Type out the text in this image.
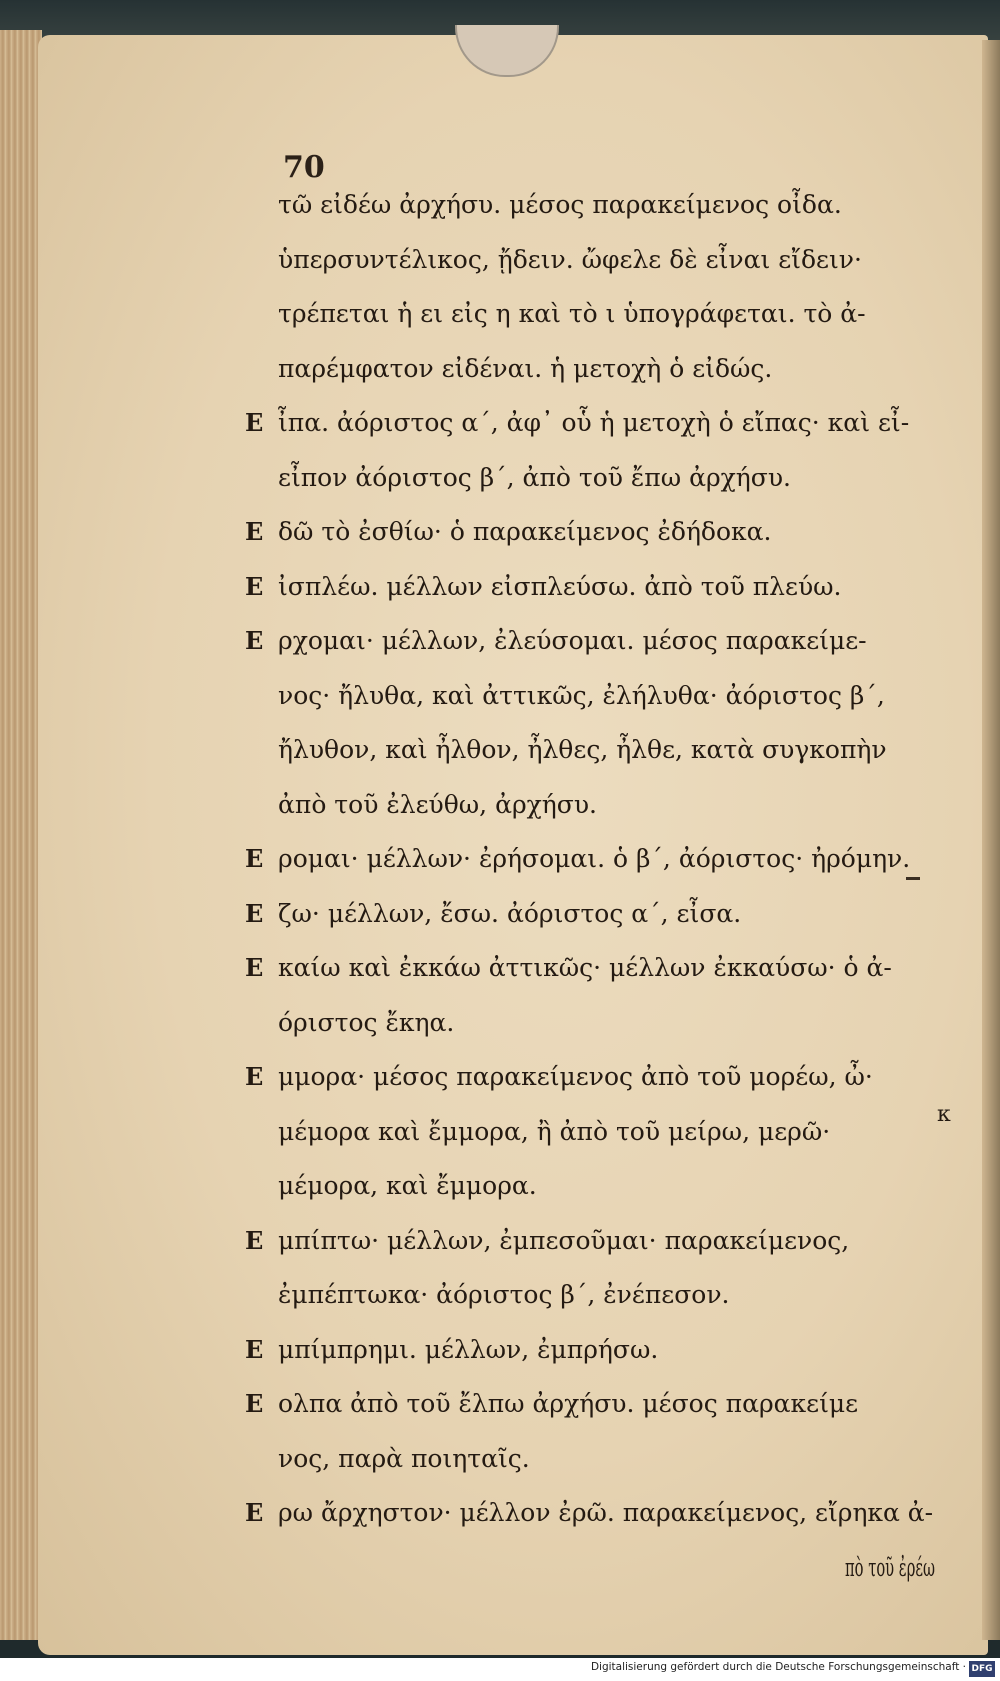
70
τῶ εἰδέω ἀρχήσυ. μέσος παρακείμενος οἶδα.
ὑπερσυντέλικος, ᾔδειν. ὤφελε δὲ εἶναι εἴδειν·
τρέπεται ἡ ει εἰς η καὶ τὸ ι ὑπογράφεται. τὸ ἀ-
παρέμφατον εἰδέναι. ἡ μετοχὴ ὁ εἰδώς.
Ε ἶπα. ἀόριστος α΄, ἀφ᾽ οὗ ἡ μετοχὴ ὁ εἴπας· καὶ εἶ-
εἶπον ἀόριστος β΄, ἀπὸ τοῦ ἔπω ἀρχήσυ.
Ε δῶ τὸ ἐσθίω· ὁ παρακείμενος ἐδήδοκα.
Ε ἰσπλέω. μέλλων εἰσπλεύσω. ἀπὸ τοῦ πλεύω.
Ε ρχομαι· μέλλων, ἐλεύσομαι. μέσος παρακείμε-
νος· ἤλυθα, καὶ ἀττικῶς, ἐλήλυθα· ἀόριστος β΄,
ἤλυθον, καὶ ἦλθον, ἦλθες, ἦλθε, κατὰ συγκοπὴν
ἀπὸ τοῦ ἐλεύθω, ἀρχήσυ.
Ε ρομαι· μέλλων· ἐρήσομαι. ὁ β΄, ἀόριστος· ἠρόμην.
Ε ζω· μέλλων, ἔσω. ἀόριστος α΄, εἶσα.
Ε καίω καὶ ἐκκάω ἀττικῶς· μέλλων ἐκκαύσω· ὁ ἀ-
όριστος ἔκηα.
Ε μμορα· μέσος παρακείμενος ἀπὸ τοῦ μορέω, ὦ·
μέμορα καὶ ἔμμορα, ἢ ἀπὸ τοῦ μείρω, μερῶ·
μέμορα, καὶ ἔμμορα.
Ε μπίπτω· μέλλων, ἐμπεσοῦμαι· παρακείμενος,
ἐμπέπτωκα· ἀόριστος β΄, ἐνέπεσον.
Ε μπίμπρημι. μέλλων, ἐμπρήσω.
Ε ολπα ἀπὸ τοῦ ἔλπω ἀρχήσυ. μέσος παρακείμε
νος, παρὰ ποιηταῖς.
Ε ρω ἄρχηστον· μέλλον ἐρῶ. παρακείμενος, εἴρηκα ἀ-
πὸ τοῦ ἐρέω
κ
Digitalisierung gefördert durch die Deutsche Forschungsgemeinschaft · DFG
